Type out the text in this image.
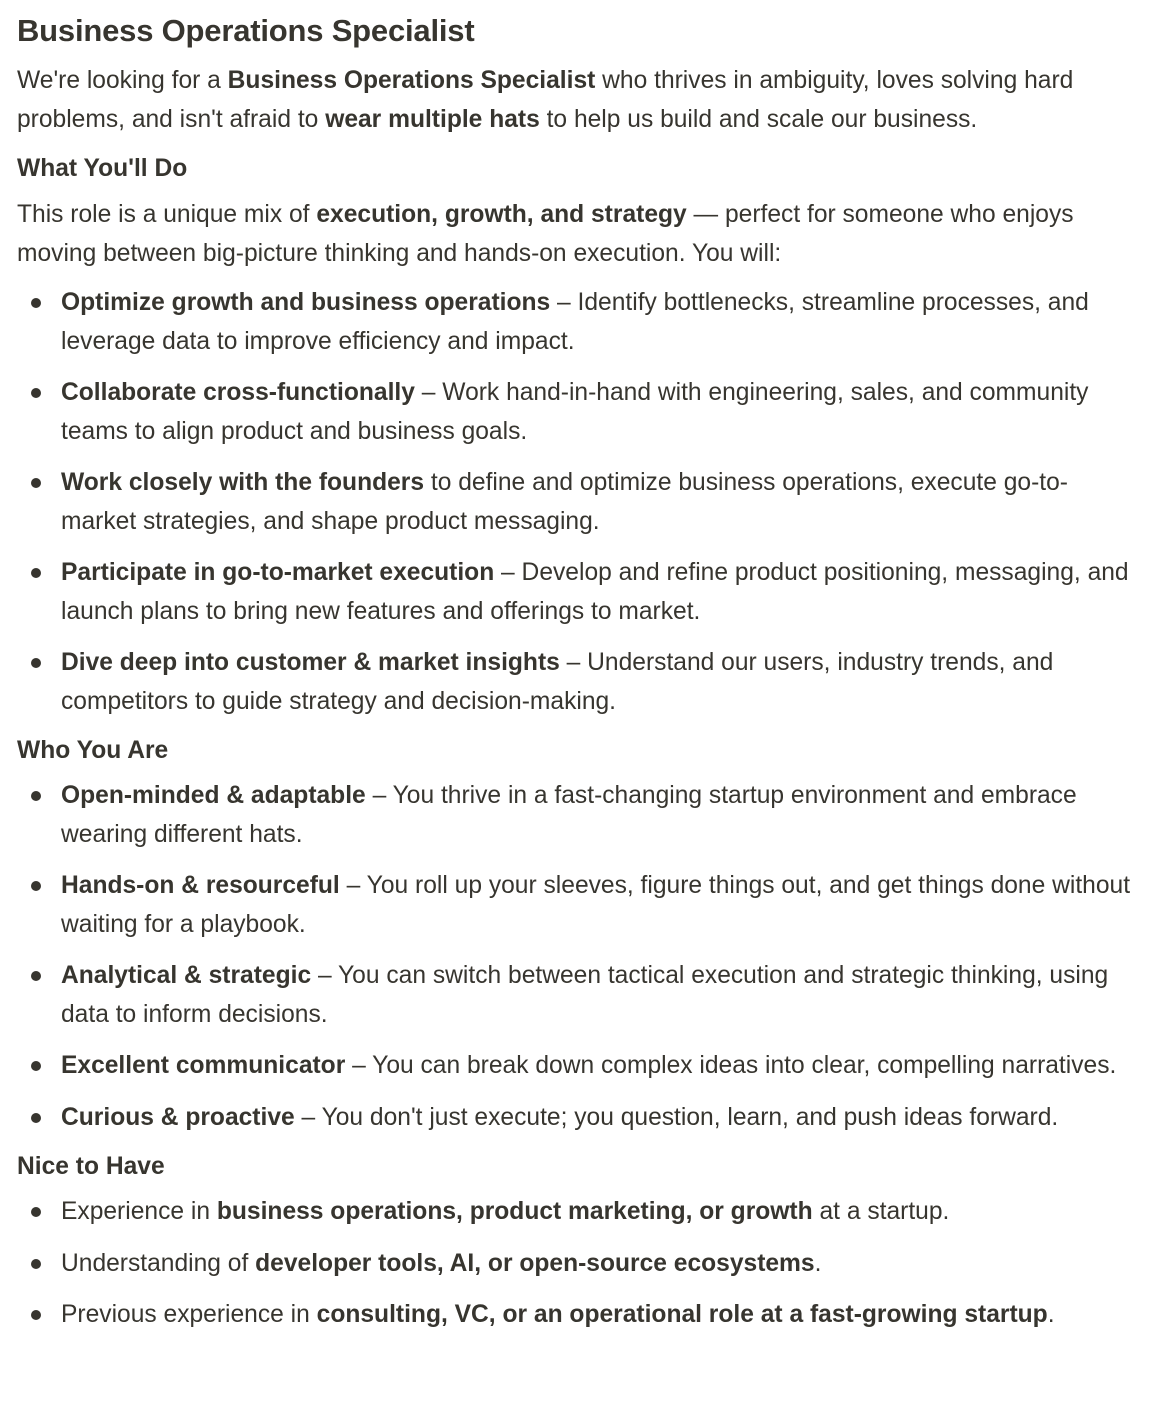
Business Operations Specialist

We're looking for a Business Operations Specialist who thrives in ambiguity, loves solving hard problems, and isn't afraid to wear multiple hats to help us build and scale our business.

What You'll Do

This role is a unique mix of execution, growth, and strategy — perfect for someone who enjoys moving between big-picture thinking and hands-on execution. You will:

Optimize growth and business operations – Identify bottlenecks, streamline processes, and leverage data to improve efficiency and impact.
Collaborate cross-functionally – Work hand-in-hand with engineering, sales, and community teams to align product and business goals.
Work closely with the founders to define and optimize business operations, execute go-to-market strategies, and shape product messaging.
Participate in go-to-market execution – Develop and refine product positioning, messaging, and launch plans to bring new features and offerings to market.
Dive deep into customer & market insights – Understand our users, industry trends, and competitors to guide strategy and decision-making.
Who You Are
Open-minded & adaptable – You thrive in a fast-changing startup environment and embrace wearing different hats.
Hands-on & resourceful – You roll up your sleeves, figure things out, and get things done without waiting for a playbook.
Analytical & strategic – You can switch between tactical execution and strategic thinking, using data to inform decisions.
Excellent communicator – You can break down complex ideas into clear, compelling narratives.
Curious & proactive – You don't just execute; you question, learn, and push ideas forward.
Nice to Have
Experience in business operations, product marketing, or growth at a startup.
Understanding of developer tools, AI, or open-source ecosystems.
Previous experience in consulting, VC, or an operational role at a fast-growing startup.
